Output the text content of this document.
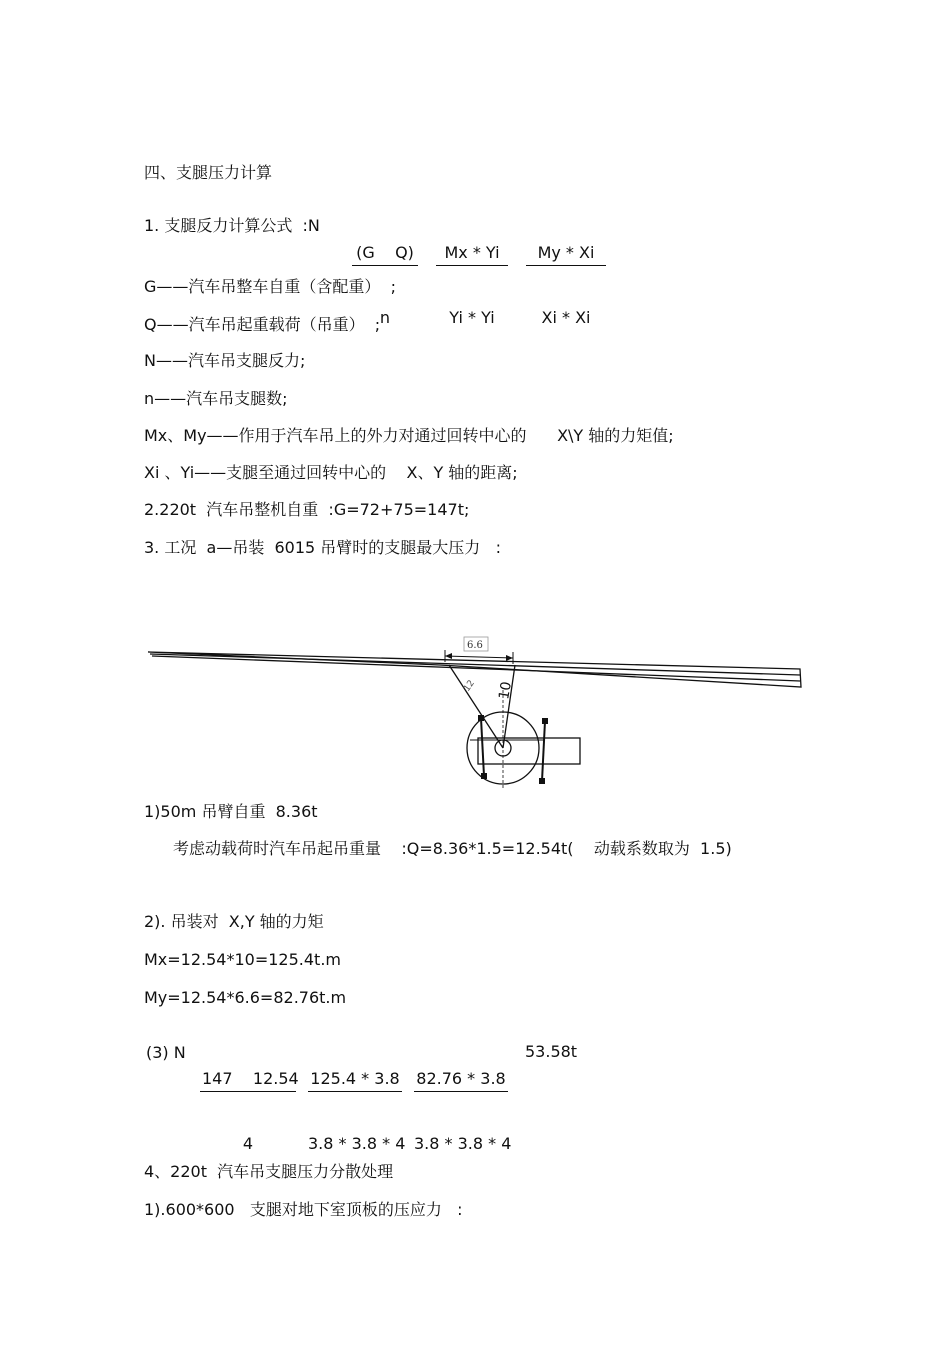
四、支腿压力计算
1. 支腿反力计算公式  :N

$\frac{\text{(G    Q)}}{n}$

$\frac{Mx * Yi}{Yi * Yi}$

$\frac{My * Xi}{Xi * Xi}$

G——汽车吊整车自重（含配重）  ;
Q——汽车吊起重载荷（吊重）  ;
N——汽车吊支腿反力;
n——汽车吊支腿数;
Mx、My——作用于汽车吊上的外力对通过回转中心的      X\Y 轴的力矩值;
Xi 、Yi——支腿至通过回转中心的    X、Y 轴的距离;
2.220t  汽车吊整机自重  :G=72+75=147t;
3. 工况  a—吊装  6015 吊臂时的支腿最大压力   :
6.6
10
12
1)50m 吊臂自重  8.36t
考虑动载荷时汽车吊起吊重量    :Q=8.36*1.5=12.54t(    动载系数取为  1.5)
2). 吊装对  X,Y 轴的力矩
Mx=12.54*10=125.4t.m
My=12.54*6.6=82.76t.m
(3) N

$\frac{147 12.54}{4}$

$\frac{125.4 * 3.8}{3.8 * 3.8 * 4}$

$\frac{82.76 * 3.8}{3.8 * 3.8 * 4} 53.58t$
4、220t  汽车吊支腿压力分散处理
1).600*600   支腿对地下室顶板的压应力   :
